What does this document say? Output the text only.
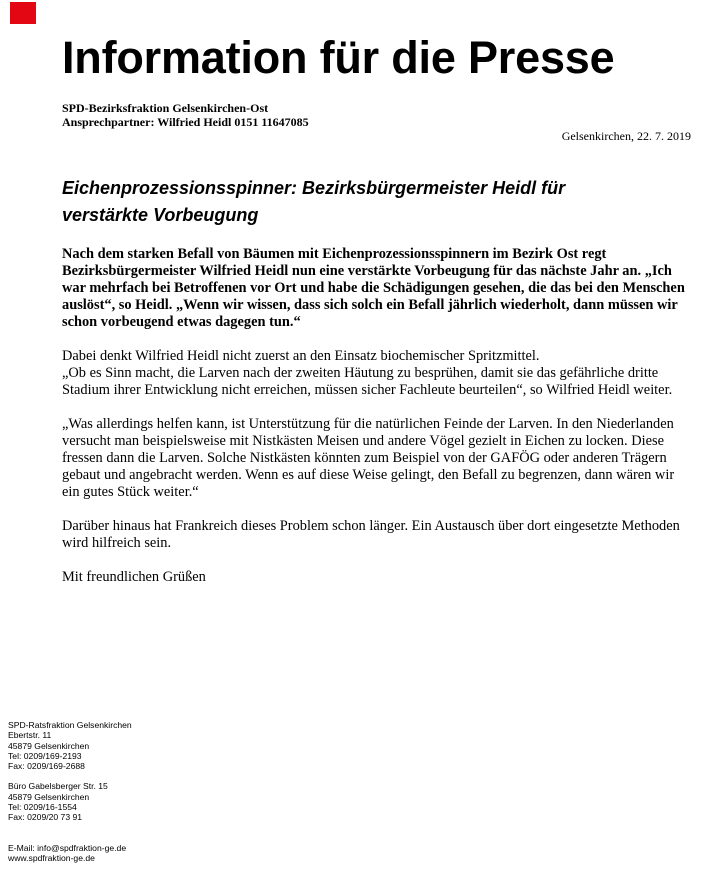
Information für die Presse
SPD-Bezirksfraktion Gelsenkirchen-Ost
Ansprechpartner: Wilfried Heidl 0151 11647085
Gelsenkirchen, 22. 7. 2019
Eichenprozessionsspinner: Bezirksbürgermeister Heidl für
verstärkte Vorbeugung

Nach dem starken Befall von Bäumen mit Eichenprozessionsspinnern im Bezirk Ost regt Bezirksbürgermeister Wilfried Heidl nun eine verstärkte Vorbeugung für das nächste Jahr an. „Ich war mehrfach bei Betroffenen vor Ort und habe die Schädigungen gesehen, die das bei den Menschen auslöst“, so Heidl. „Wenn wir wissen, dass sich solch ein Befall jährlich wiederholt, dann müssen wir schon vorbeugend etwas dagegen tun.“

Dabei denkt Wilfried Heidl nicht zuerst an den Einsatz biochemischer Spritzmittel.
„Ob es Sinn macht, die Larven nach der zweiten Häutung zu besprühen, damit sie das gefährliche dritte Stadium ihrer Entwicklung nicht erreichen, müssen sicher Fachleute beurteilen“, so Wilfried Heidl weiter.

„Was allerdings helfen kann, ist Unterstützung für die natürlichen Feinde der Larven. In den Niederlanden versucht man beispielsweise mit Nistkästen Meisen und andere Vögel gezielt in Eichen zu locken. Diese fressen dann die Larven. Solche Nistkästen könnten zum Beispiel von der GAFÖG oder anderen Trägern gebaut und angebracht werden. Wenn es auf diese Weise gelingt, den Befall zu begrenzen, dann wären wir ein gutes Stück weiter.“

Darüber hinaus hat Frankreich dieses Problem schon länger. Ein Austausch über dort eingesetzte Methoden wird hilfreich sein.

Mit freundlichen Grüßen

SPD-Ratsfraktion Gelsenkirchen
Ebertstr. 11
45879 Gelsenkirchen
Tel: 0209/169-2193
Fax: 0209/169-2688
Büro Gabelsberger Str. 15
45879 Gelsenkirchen
Tel: 0209/16-1554
Fax: 0209/20 73 91
E-Mail: info@spdfraktion-ge.de
www.spdfraktion-ge.de
